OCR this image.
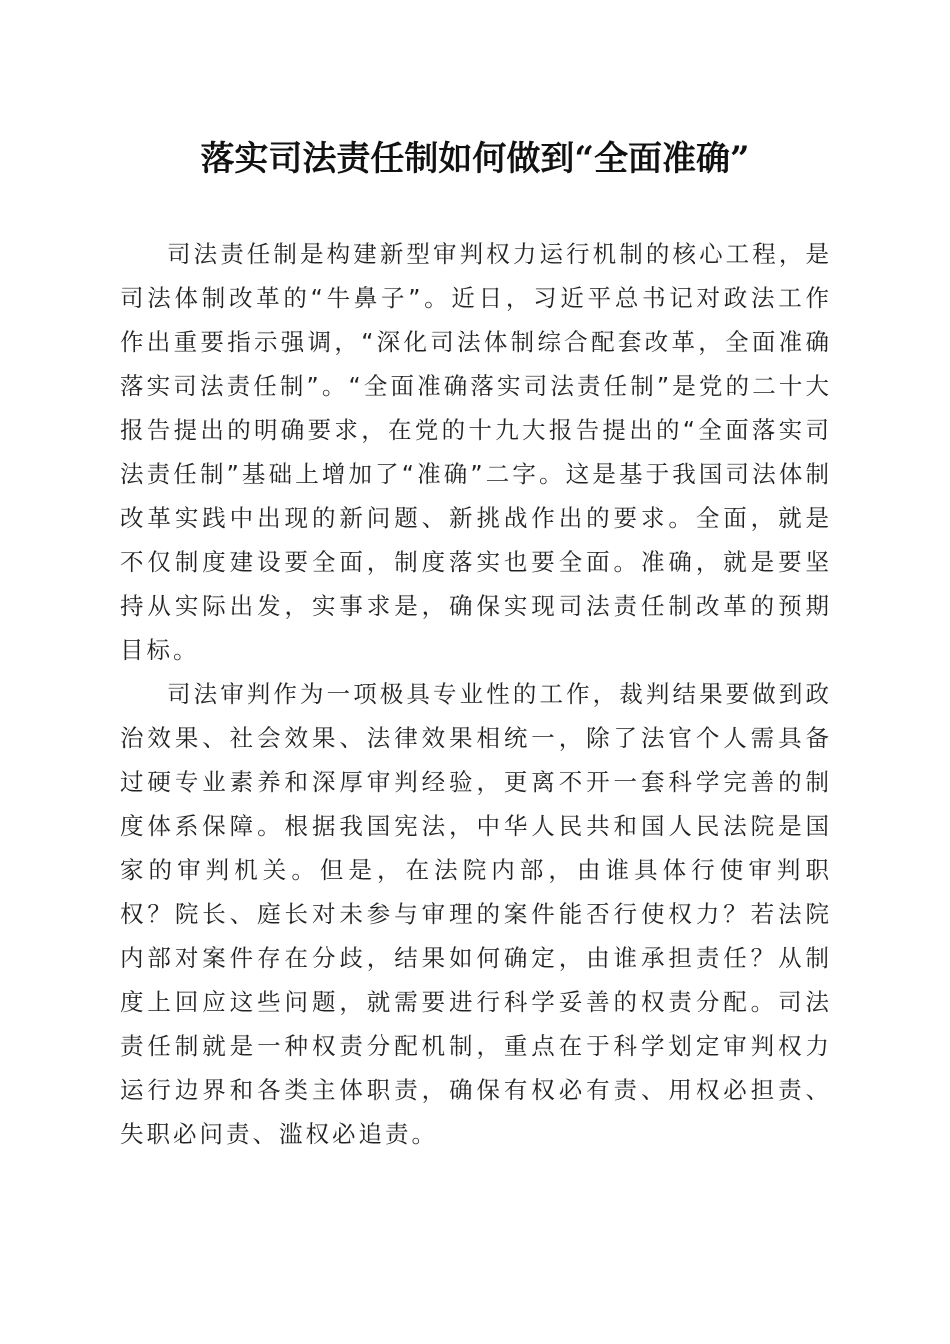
落实司法责任制如何做到“全面准确”

司法责任制是构建新型审判权力运行机制的核心工程，是司法体制改革的“牛鼻子”。近日，习近平总书记对政法工作作出重要指示强调，“深化司法体制综合配套改革，全面准确落实司法责任制”。“全面准确落实司法责任制”是党的二十大报告提出的明确要求，在党的十九大报告提出的“全面落实司法责任制”基础上增加了“准确”二字。这是基于我国司法体制改革实践中出现的新问题、新挑战作出的要求。全面，就是不仅制度建设要全面，制度落实也要全面。准确，就是要坚持从实际出发，实事求是，确保实现司法责任制改革的预期目标。

司法审判作为一项极具专业性的工作，裁判结果要做到政治效果、社会效果、法律效果相统一，除了法官个人需具备过硬专业素养和深厚审判经验，更离不开一套科学完善的制度体系保障。根据我国宪法，中华人民共和国人民法院是国家的审判机关。但是，在法院内部，由谁具体行使审判职权？院长、庭长对未参与审理的案件能否行使权力？若法院内部对案件存在分歧，结果如何确定，由谁承担责任？从制度上回应这些问题，就需要进行科学妥善的权责分配。司法责任制就是一种权责分配机制，重点在于科学划定审判权力运行边界和各类主体职责，确保有权必有责、用权必担责、失职必问责、滥权必追责。
